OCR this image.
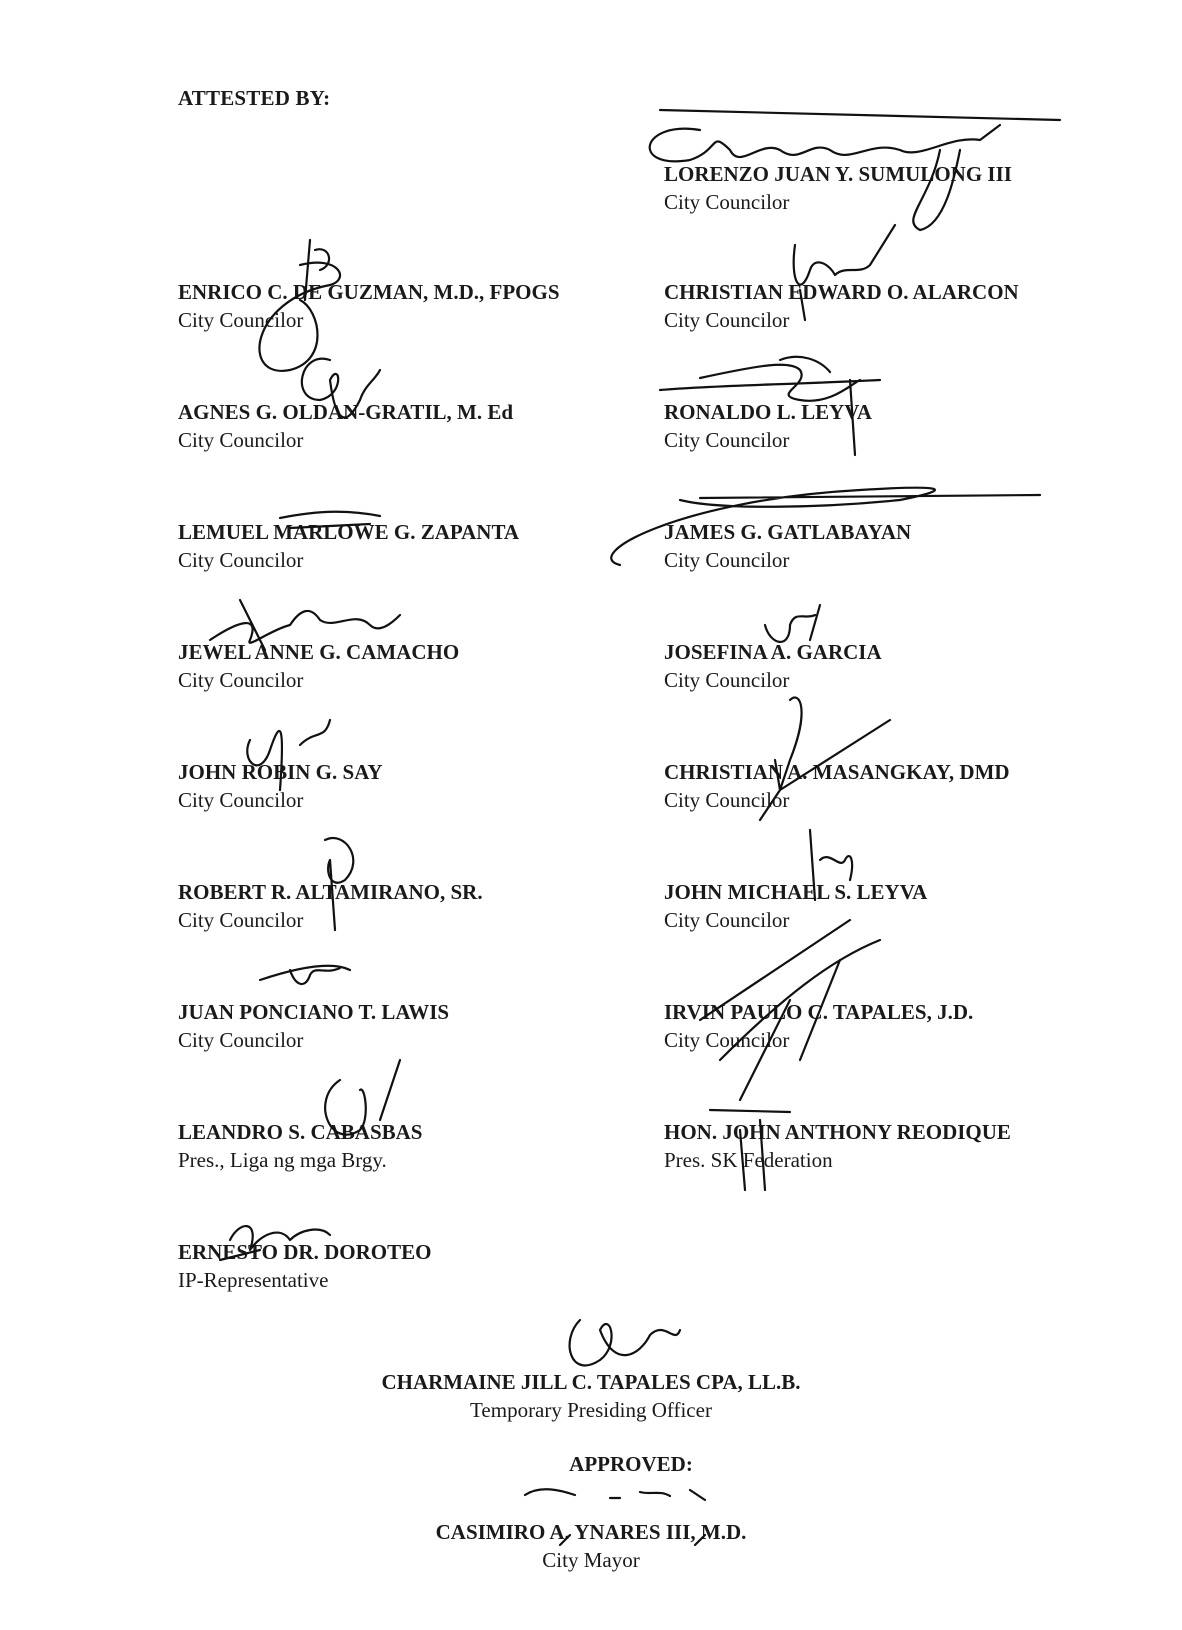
ATTESTED BY:
LORENZO JUAN Y. SUMULONG III
City Councilor
ENRICO C. DE GUZMAN, M.D., FPOGS
City Councilor
CHRISTIAN EDWARD O. ALARCON
City Councilor
AGNES G. OLDAN-GRATIL, M. Ed
City Councilor
RONALDO L. LEYVA
City Councilor
LEMUEL MARLOWE G. ZAPANTA
City Councilor
JAMES G. GATLABAYAN
City Councilor
JEWEL ANNE G. CAMACHO
City Councilor
JOSEFINA A. GARCIA
City Councilor
JOHN ROBIN G. SAY
City Councilor
CHRISTIAN A. MASANGKAY, DMD
City Councilor
ROBERT R. ALTAMIRANO, SR.
City Councilor
JOHN MICHAEL S. LEYVA
City Councilor
JUAN PONCIANO T. LAWIS
City Councilor
IRVIN PAULO C. TAPALES, J.D.
City Councilor
LEANDRO S. CABASBAS
Pres., Liga ng mga Brgy.
HON. JOHN ANTHONY REODIQUE
Pres. SK Federation
ERNESTO DR. DOROTEO
IP-Representative
CHARMAINE JILL C. TAPALES CPA, LL.B.
Temporary Presiding Officer
APPROVED:
CASIMIRO A. YNARES III, M.D.
City Mayor
